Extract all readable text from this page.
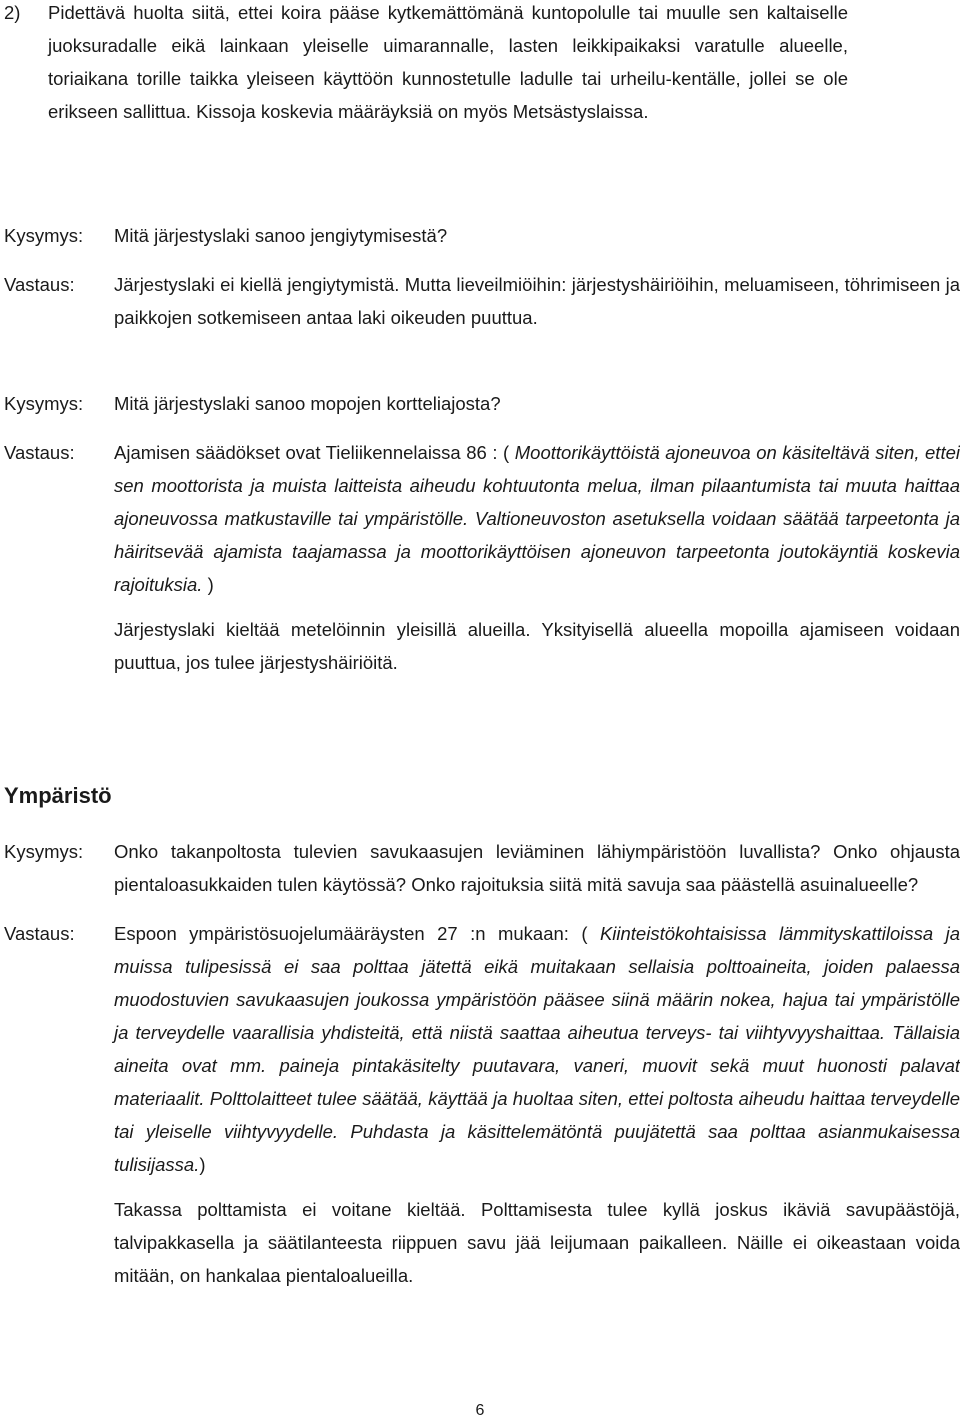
2)	Pidettävä huolta siitä, ettei koira pääse kytkemättömänä kuntopolulle tai muulle sen kaltaiselle juoksuradalle eikä lainkaan yleiselle uimarannalle, lasten leikkipaikaksi varatulle alueelle, toriaikana torille taikka yleiseen käyttöön kunnostetulle ladulle tai urheilu-kentälle, jollei se ole erikseen sallittua. Kissoja koskevia määräyksiä on myös Metsästyslaissa.

Kysymys:	Mitä järjestyslaki sanoo jengiytymisestä?

Vastaus:	Järjestyslaki ei kiellä jengiytymistä. Mutta lieveilmiöihin: järjestyshäiriöihin, meluamiseen, töhrimiseen ja paikkojen sotkemiseen antaa laki oikeuden puuttua.

Kysymys:	Mitä järjestyslaki sanoo mopojen kortteliajosta?

Vastaus:	Ajamisen säädökset ovat Tieliikennelaissa 86 : ( Moottorikäyttöistä ajoneuvoa on käsiteltävä siten, ettei sen moottorista ja muista laitteista aiheudu kohtuutonta melua, ilman pilaantumista tai muuta haittaa ajoneuvossa matkustaville tai ympäristölle. Valtioneuvoston asetuksella voidaan säätää tarpeetonta ja häiritsevää ajamista taajamassa ja moottorikäyttöisen ajoneuvon tarpeetonta joutokäyntiä koskevia rajoituksia. )

Järjestyslaki kieltää metelöinnin yleisillä alueilla. Yksityisellä alueella mopoilla ajamiseen voidaan puuttua, jos tulee järjestyshäiriöitä.

Ympäristö
Kysymys:	Onko takanpoltosta tulevien savukaasujen leviäminen lähiympäristöön luvallista? Onko ohjausta pientaloasukkaiden tulen käytössä? Onko rajoituksia siitä mitä savuja saa päästellä asuinalueelle?

Vastaus:	Espoon ympäristösuojelumääräysten 27 :n mukaan: ( Kiinteistökohtaisissa lämmityskattiloissa ja muissa tulipesissä ei saa polttaa jätettä eikä muitakaan sellaisia polttoaineita, joiden palaessa muodostuvien savukaasujen joukossa ympäristöön pääsee siinä määrin nokea, hajua tai ympäristölle ja terveydelle vaarallisia yhdisteitä, että niistä saattaa aiheutua terveys- tai viihtyvyyshaittaa. Tällaisia aineita ovat mm. paineja pintakäsitelty puutavara, vaneri, muovit sekä muut huonosti palavat materiaalit. Polttolaitteet tulee säätää, käyttää ja huoltaa siten, ettei poltosta aiheudu haittaa terveydelle tai yleiselle viihtyvyydelle. Puhdasta ja käsittelemätöntä puujätettä saa polttaa asianmukaisessa tulisijassa.)

Takassa polttamista ei voitane kieltää. Polttamisesta tulee kyllä joskus ikäviä savupäästöjä, talvipakkasella ja säätilanteesta riippuen savu jää leijumaan paikalleen. Näille ei oikeastaan voida mitään, on hankalaa pientaloalueilla.

6
